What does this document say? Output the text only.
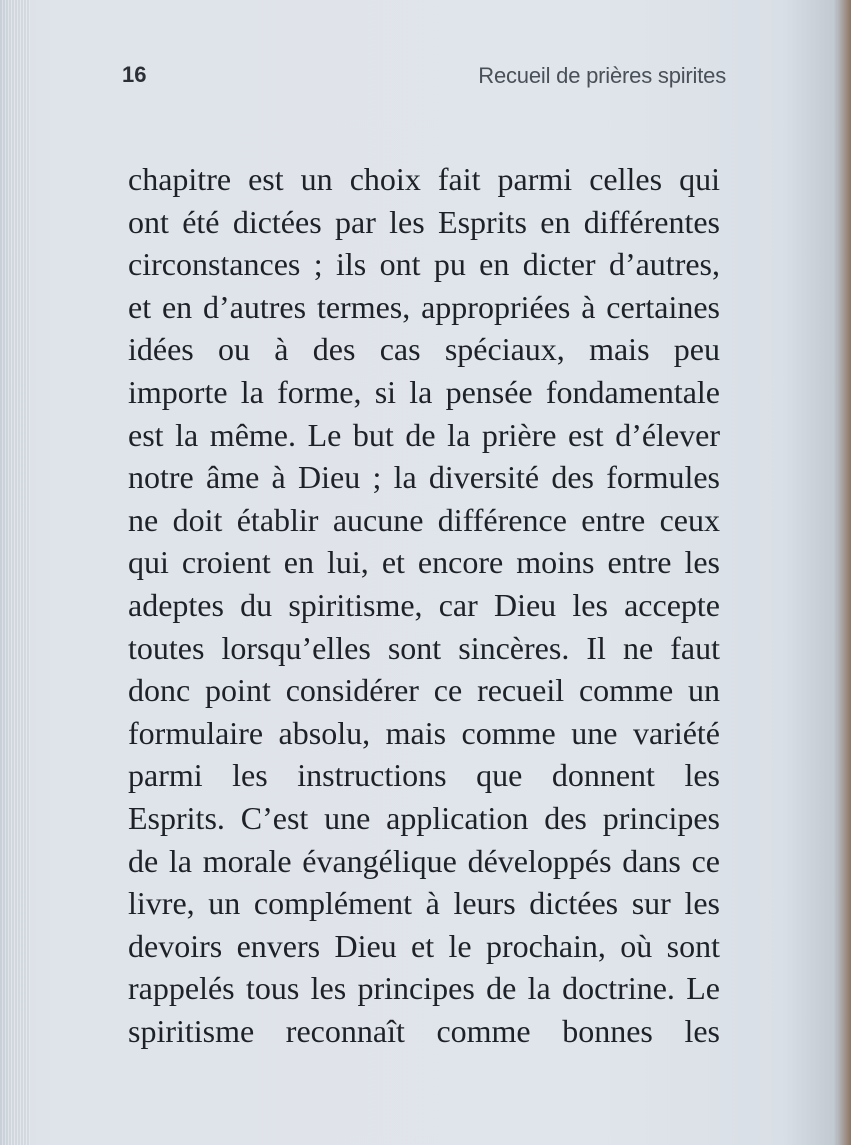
16	Recueil de prières spirites
chapitre est un choix fait parmi celles qui
ont été dictées par les Esprits en différentes
circonstances ; ils ont pu en dicter d’autres,
et en d’autres termes, appropriées à certaines
idées ou à des cas spéciaux, mais peu
importe la forme, si la pensée fondamentale
est la même. Le but de la prière est d’élever
notre âme à Dieu ; la diversité des formules
ne doit établir aucune différence entre ceux
qui croient en lui, et encore moins entre les
adeptes du spiritisme, car Dieu les accepte
toutes lorsqu’elles sont sincères. Il ne faut
donc point considérer ce recueil comme un
formulaire absolu, mais comme une variété
parmi les instructions que donnent les
Esprits. C’est une application des principes
de la morale évangélique développés dans ce
livre, un complément à leurs dictées sur les
devoirs envers Dieu et le prochain, où sont
rappelés tous les principes de la doctrine. Le
spiritisme reconnaît comme bonnes les
